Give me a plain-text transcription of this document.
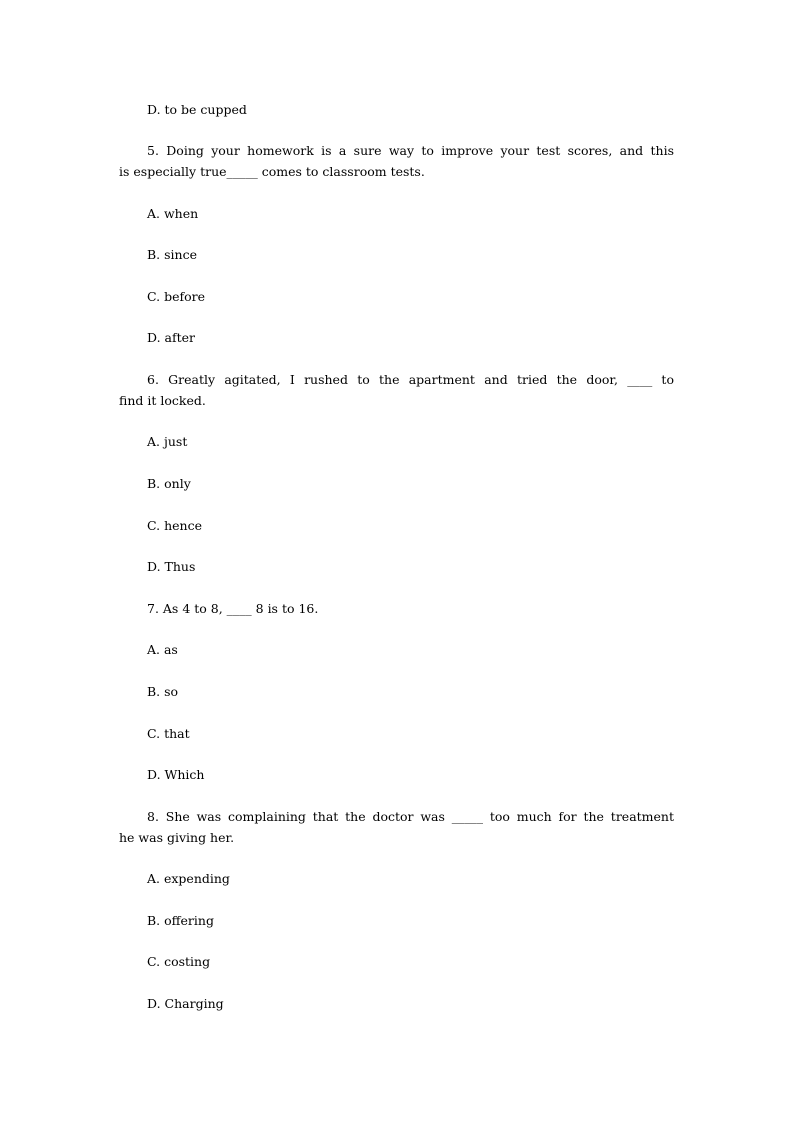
D. to be cupped
5. Doing your homework is a sure way to improve your test scores, and this
is especially true_____ comes to classroom tests.
A. when
B. since
C. before
D. after
6. Greatly agitated, I rushed to the apartment and tried the door, ____ to
find it locked.
A. just
B. only
C. hence
D. Thus
7. As 4 to 8, ____ 8 is to 16.
A. as
B. so
C. that
D. Which
8. She was complaining that the doctor was _____ too much for the treatment
he was giving her.
A. expending
B. offering
C. costing
D. Charging
